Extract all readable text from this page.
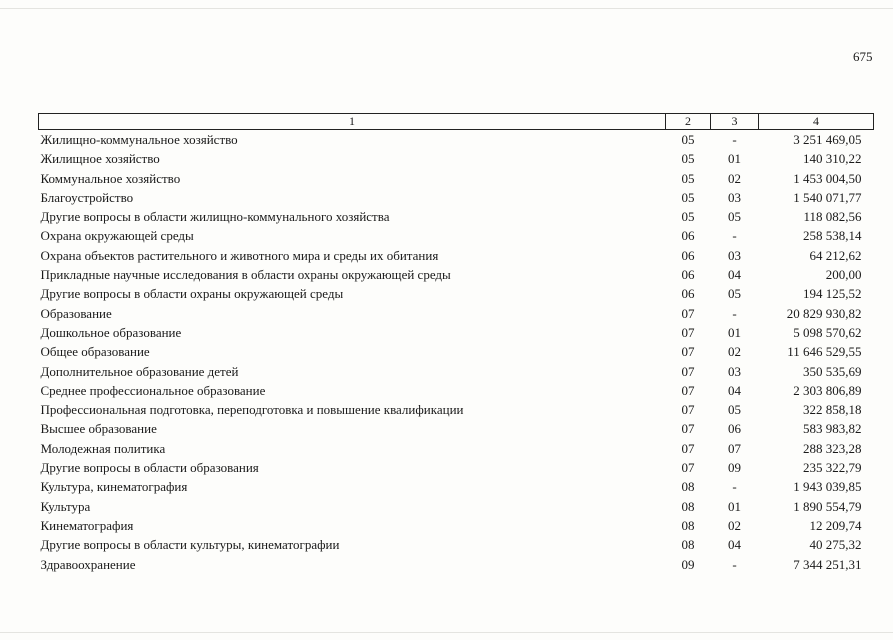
675
1	2	3	4
Жилищно-коммунальное хозяйство	05	-	3 251 469,05
Жилищное хозяйство	05	01	140 310,22
Коммунальное хозяйство	05	02	1 453 004,50
Благоустройство	05	03	1 540 071,77
Другие вопросы в области жилищно-коммунального хозяйства	05	05	118 082,56
Охрана окружающей среды	06	-	258 538,14
Охрана объектов растительного и животного мира и среды их обитания	06	03	64 212,62
Прикладные научные исследования в области охраны окружающей среды	06	04	200,00
Другие вопросы в области охраны окружающей среды	06	05	194 125,52
Образование	07	-	20 829 930,82
Дошкольное образование	07	01	5 098 570,62
Общее образование	07	02	11 646 529,55
Дополнительное образование детей	07	03	350 535,69
Среднее профессиональное образование	07	04	2 303 806,89
Профессиональная подготовка, переподготовка и повышение квалификации	07	05	322 858,18
Высшее образование	07	06	583 983,82
Молодежная политика	07	07	288 323,28
Другие вопросы в области образования	07	09	235 322,79
Культура, кинематография	08	-	1 943 039,85
Культура	08	01	1 890 554,79
Кинематография	08	02	12 209,74
Другие вопросы в области культуры, кинематографии	08	04	40 275,32
Здравоохранение	09	-	7 344 251,31
